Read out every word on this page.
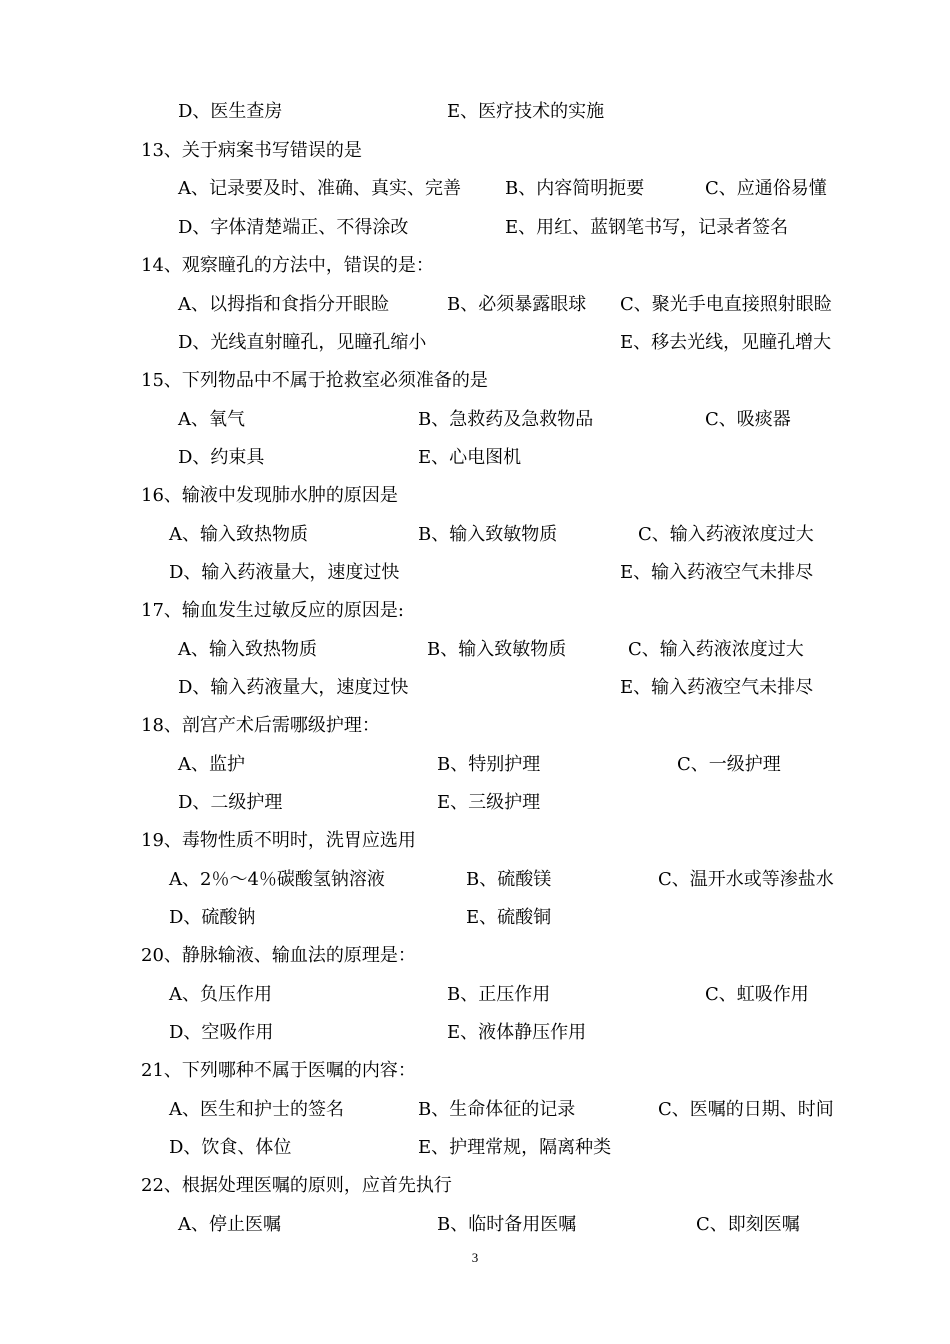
D、医生查房	E、医疗技术的实施
13、关于病案书写错误的是
A、记录要及时、准确、真实、完善 B、内容简明扼要	C、应通俗易懂
D、字体清楚端正、不得涂改	E、用红、蓝钢笔书写，记录者签名
14、观察瞳孔的方法中，错误的是：
A、以拇指和食指分开眼睑	B、必须暴露眼球 C、聚光手电直接照射眼睑
D、光线直射瞳孔，见瞳孔缩小	E、移去光线，见瞳孔增大
15、下列物品中不属于抢救室必须准备的是
A、氧气	B、急救药及急救物品	C、吸痰器
D、约束具	E、心电图机
16、输液中发现肺水肿的原因是
A、输入致热物质	B、输入致敏物质	C、输入药液浓度过大
D、输入药液量大，速度过快	E、输入药液空气未排尽
17、输血发生过敏反应的原因是:
A、输入致热物质	B、输入致敏物质	C、输入药液浓度过大
D、输入药液量大，速度过快	E、输入药液空气未排尽
18、剖宫产术后需哪级护理：
A、监护	B、特别护理	C、一级护理
D、二级护理	E、三级护理
19、毒物性质不明时，洗胃应选用
A、2％～4％碳酸氢钠溶液	B、硫酸镁	C、温开水或等渗盐水
D、硫酸钠	E、硫酸铜
20、静脉输液、输血法的原理是：
A、负压作用	B、正压作用	C、虹吸作用
D、空吸作用	E、液体静压作用
21、下列哪种不属于医嘱的内容：
A、医生和护士的签名	B、生命体征的记录	C、医嘱的日期、时间
D、饮食、体位	E、护理常规，隔离种类
22、根据处理医嘱的原则，应首先执行
A、停止医嘱	B、临时备用医嘱	C、即刻医嘱
3
